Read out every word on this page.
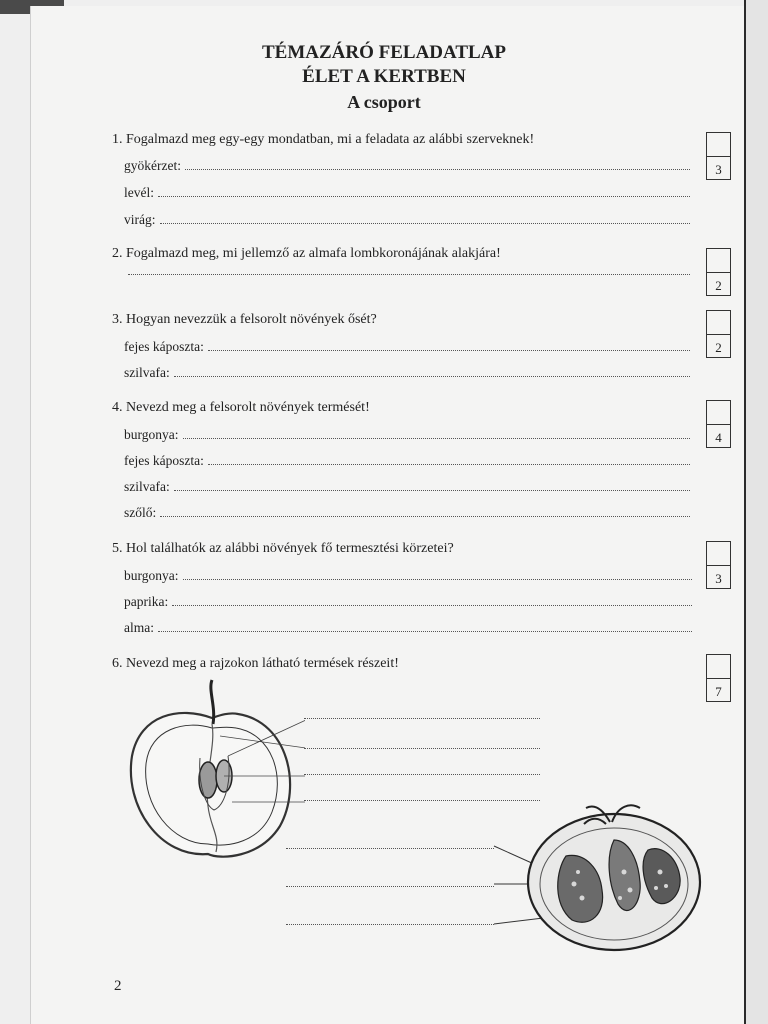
TÉMAZÁRÓ FELADATLAP
ÉLET A KERTBEN
A csoport
1. Fogalmazd meg egy-egy mondatban, mi a feladata az alábbi szerveknek!
gyökérzet:
levél:
virág:
3
2. Fogalmazd meg, mi jellemző az almafa lombkoronájának alakjára!
2
3. Hogyan nevezzük a felsorolt növények ősét?
fejes káposzta:
szilvafa:
2
4. Nevezd meg a felsorolt növények termését!
burgonya:
fejes káposzta:
szilvafa:
szőlő:
4
5. Hol találhatók az alábbi növények fő termesztési körzetei?
burgonya:
paprika:
alma:
3
6. Nevezd meg a rajzokon látható termések részeit!
7
2
